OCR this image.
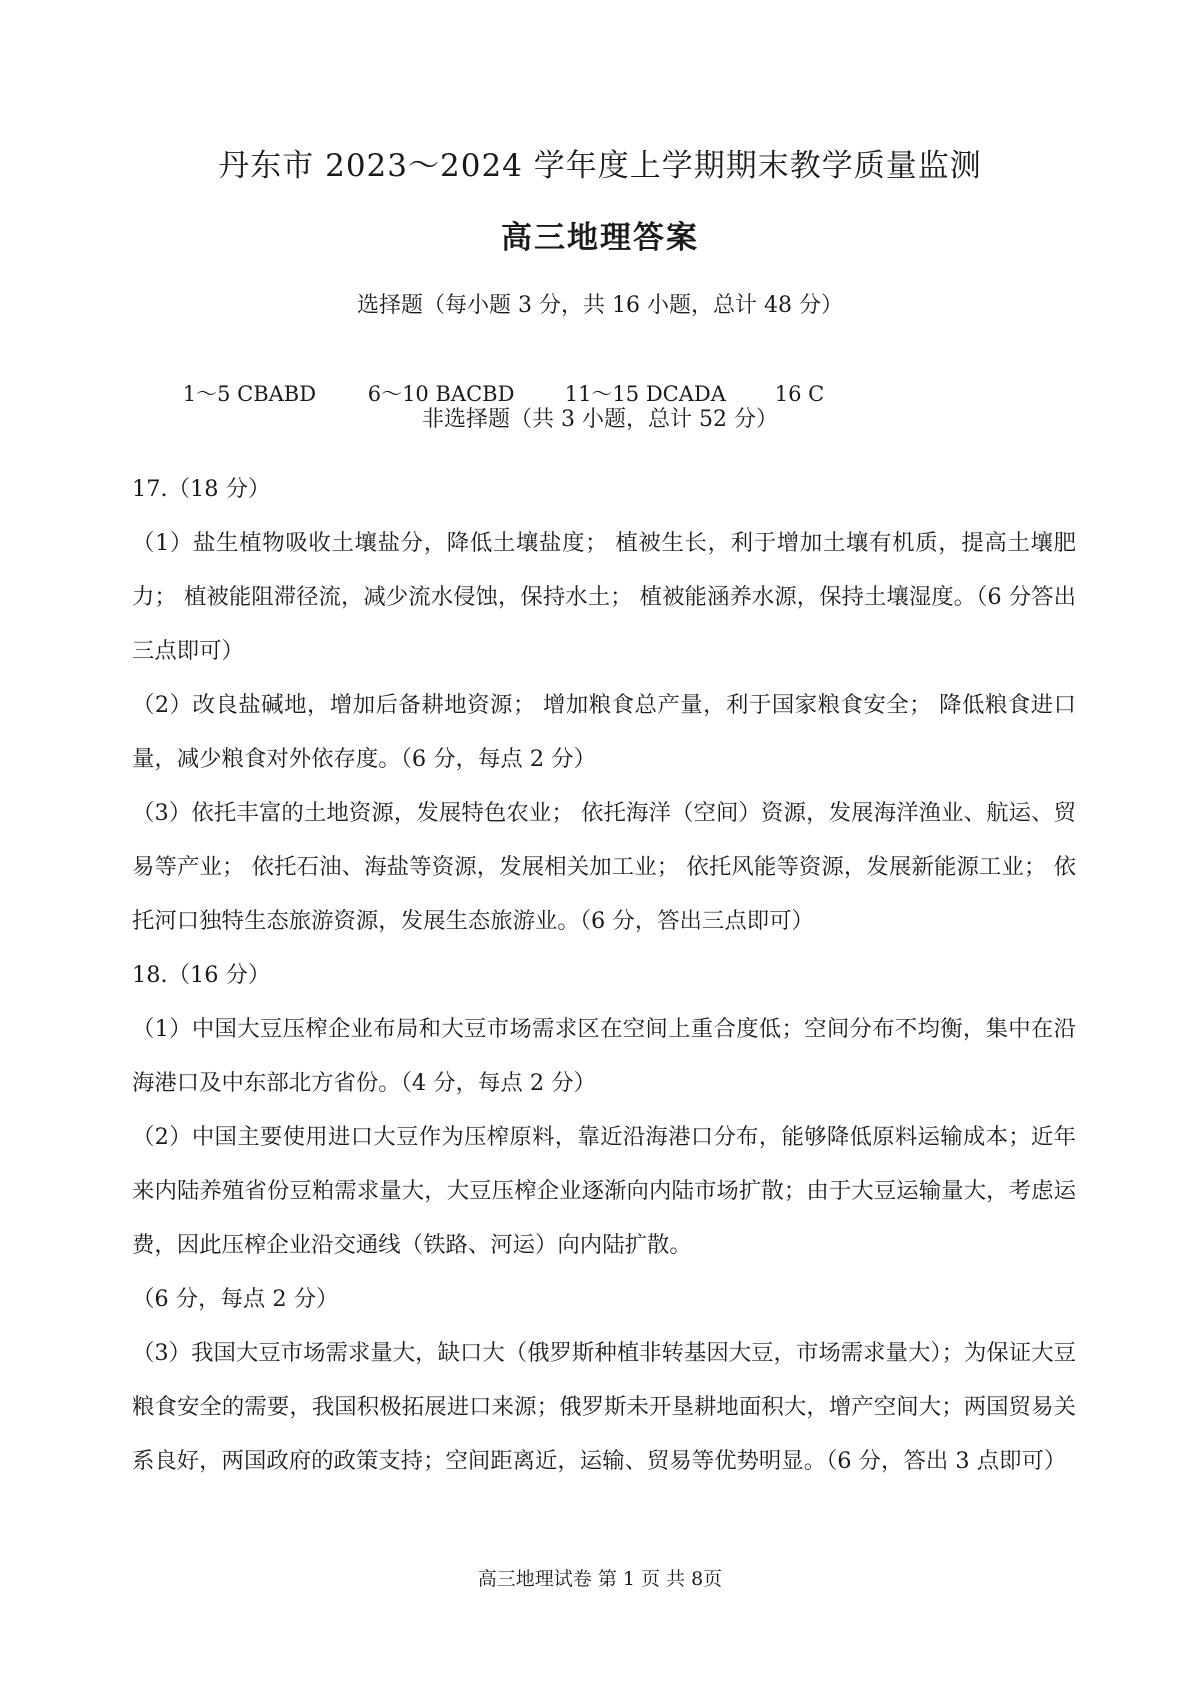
丹东市 2023～2024 学年度上学期期末教学质量监测
高三地理答案
选择题（每小题 3 分，共 16 小题，总计 48 分）

1～5 CBABD 6～10 BACBD 11～15 DCADA 16 C

非选择题（共 3 小题，总计 52 分）

17.（18 分）

（1）盐生植物吸收土壤盐分，降低土壤盐度； 植被生长，利于增加土壤有机质，提高土壤肥力； 植被能阻滞径流，减少流水侵蚀，保持水土； 植被能涵养水源，保持土壤湿度。（6 分答出三点即可）

（2）改良盐碱地，增加后备耕地资源； 增加粮食总产量，利于国家粮食安全； 降低粮食进口量，减少粮食对外依存度。（6 分，每点 2 分）

（3）依托丰富的土地资源，发展特色农业； 依托海洋（空间）资源，发展海洋渔业、航运、贸易等产业； 依托石油、海盐等资源，发展相关加工业； 依托风能等资源，发展新能源工业； 依托河口独特生态旅游资源，发展生态旅游业。（6 分，答出三点即可）

18.（16 分）

（1）中国大豆压榨企业布局和大豆市场需求区在空间上重合度低；空间分布不均衡，集中在沿海港口及中东部北方省份。（4 分，每点 2 分）

（2）中国主要使用进口大豆作为压榨原料，靠近沿海港口分布，能够降低原料运输成本；近年来内陆养殖省份豆粕需求量大，大豆压榨企业逐渐向内陆市场扩散；由于大豆运输量大，考虑运费，因此压榨企业沿交通线（铁路、河运）向内陆扩散。

（6 分，每点 2 分）

（3）我国大豆市场需求量大，缺口大（俄罗斯种植非转基因大豆，市场需求量大）；为保证大豆粮食安全的需要，我国积极拓展进口来源；俄罗斯未开垦耕地面积大，增产空间大；两国贸易关系良好，两国政府的政策支持；空间距离近，运输、贸易等优势明显。（6 分，答出 3 点即可）

高三地理试卷 第 1 页 共 8页
